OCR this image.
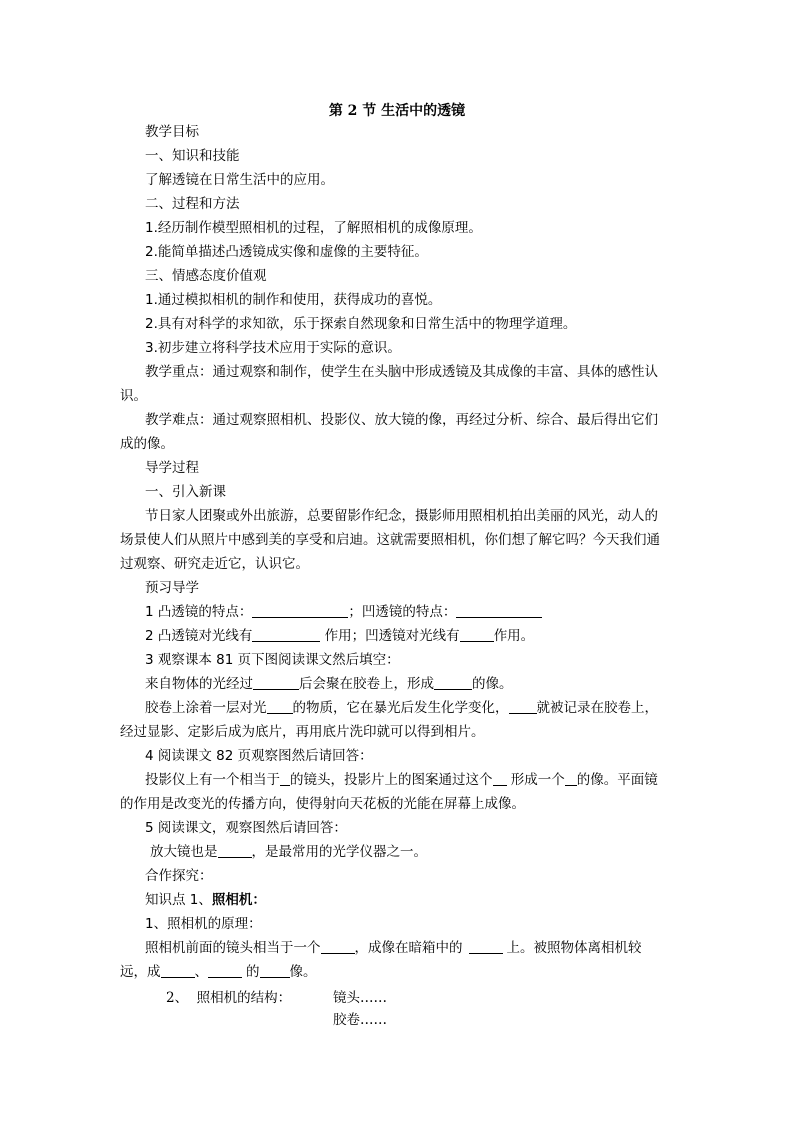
第 2 节 生活中的透镜
教学目标
一、知识和技能
了解透镜在日常生活中的应用。
二、过程和方法
1.经历制作模型照相机的过程，了解照相机的成像原理。
2.能简单描述凸透镜成实像和虚像的主要特征。
三、情感态度价值观
1.通过模拟相机的制作和使用，获得成功的喜悦。
2.具有对科学的求知欲，乐于探索自然现象和日常生活中的物理学道理。
3.初步建立将科学技术应用于实际的意识。
教学重点：通过观察和制作，使学生在头脑中形成透镜及其成像的丰富、具体的感性认
识。
教学难点：通过观察照相机、投影仪、放大镜的像，再经过分析、综合、最后得出它们
成的像。
导学过程
一、引入新课
节日家人团聚或外出旅游，总要留影作纪念，摄影师用照相机拍出美丽的风光，动人的
场景使人们从照片中感到美的享受和启迪。这就需要照相机，你们想了解它吗？今天我们通
过观察、研究走近它，认识它。
预习导学
1 凸透镜的特点：	；凹透镜的特点：
2 凸透镜对光线有	作用；凹透镜对光线有	作用。
3 观察课本 81 页下图阅读课文然后填空：
来自物体的光经过	后会聚在胶卷上，形成	的像。
胶卷上涂着一层对光 的物质，它在暴光后发生化学变化， 就被记录在胶卷上，
经过显影、定影后成为底片，再用底片洗印就可以得到相片。
4 阅读课文 82 页观察图然后请回答：
投影仪上有一个相当于 的镜头，投影片上的图案通过这个 形成一个 的像。平面镜
的作用是改变光的传播方向，使得射向天花板的光能在屏幕上成像。
5 阅读课文，观察图然后请回答：
放大镜也是	，是最常用的光学仪器之一。
合作探究：
知识点 1、照相机：
1、照相机的原理：
照相机前面的镜头相当于一个	，成像在暗箱中的	上。被照物体离相机较
远，成	、	的 像。
2、  照相机的结构：	镜头……
胶卷……
